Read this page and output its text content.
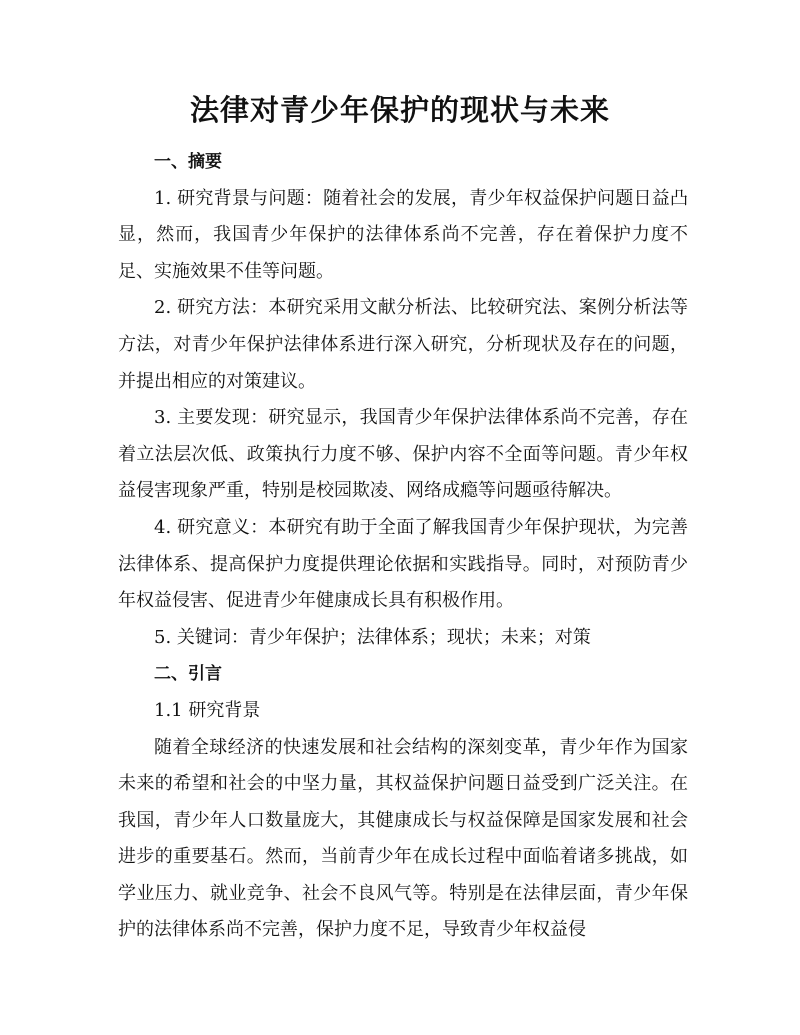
法律对青少年保护的现状与未来

一、摘要

1. 研究背景与问题：随着社会的发展，青少年权益保护问题日益凸显，然而，我国青少年保护的法律体系尚不完善，存在着保护力度不足、实施效果不佳等问题。

2. 研究方法：本研究采用文献分析法、比较研究法、案例分析法等方法，对青少年保护法律体系进行深入研究，分析现状及存在的问题，并提出相应的对策建议。

3. 主要发现：研究显示，我国青少年保护法律体系尚不完善，存在着立法层次低、政策执行力度不够、保护内容不全面等问题。青少年权益侵害现象严重，特别是校园欺凌、网络成瘾等问题亟待解决。

4. 研究意义：本研究有助于全面了解我国青少年保护现状，为完善法律体系、提高保护力度提供理论依据和实践指导。同时，对预防青少年权益侵害、促进青少年健康成长具有积极作用。

5. 关键词：青少年保护；法律体系；现状；未来；对策

二、引言

1.1 研究背景

随着全球经济的快速发展和社会结构的深刻变革，青少年作为国家未来的希望和社会的中坚力量，其权益保护问题日益受到广泛关注。在我国，青少年人口数量庞大，其健康成长与权益保障是国家发展和社会进步的重要基石。然而，当前青少年在成长过程中面临着诸多挑战，如学业压力、就业竞争、社会不良风气等。特别是在法律层面，青少年保护的法律体系尚不完善，保护力度不足，导致青少年权益侵
